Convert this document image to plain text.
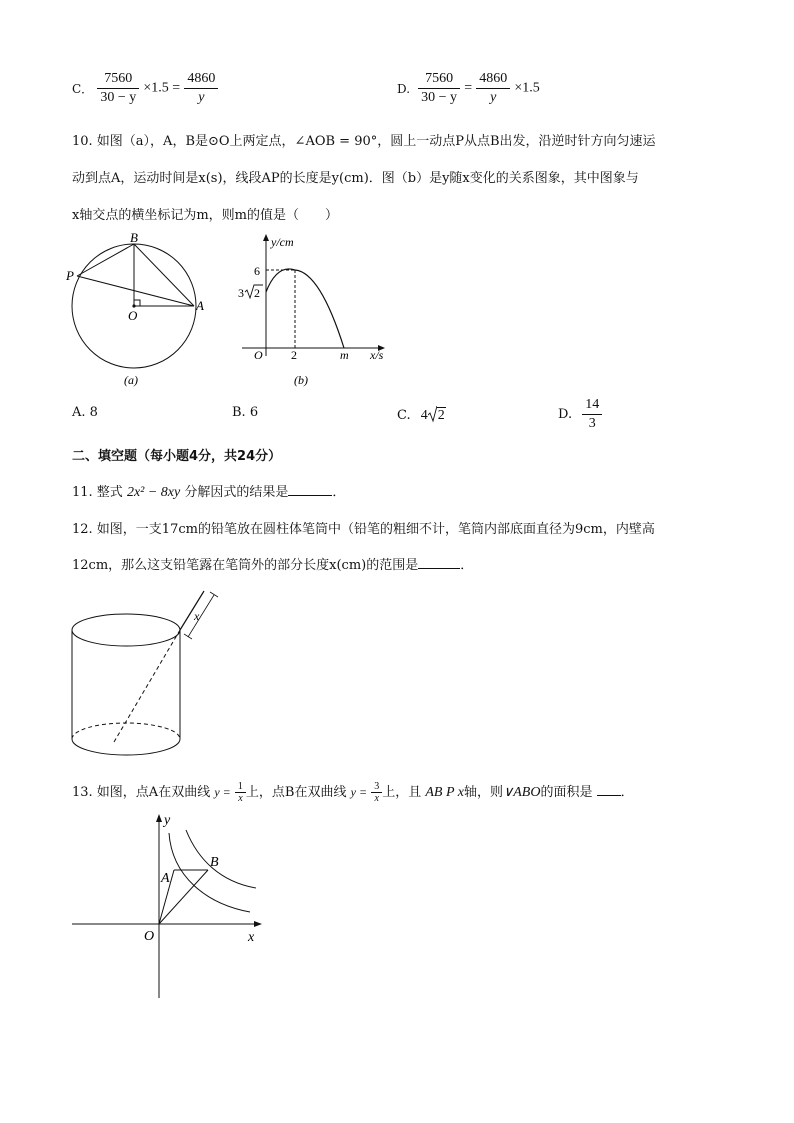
C． $\frac{7560}{30 - y} \times 1.5 = \frac{4860}{y}$	D. $\frac{7560}{30 - y} = \frac{4860}{y} \times 1.5$
10. 如图（a），A，B是⊙O上两定点，∠AOB = 90°，圆上一动点P从点B出发，沿逆时针方向匀速运
动到点A，运动时间是x(s)，线段AP的长度是y(cm)．图（b）是y随x变化的关系图象，其中图象与
x轴交点的横坐标记为m，则m的值是（　　）
B
P
O
A
(a)
y/cm
6
3 2
O 2	m x/s
(b)
A. 8	B. 6	C. 4 2	D. $\frac{14}{3}$
二、填空题（每小题4分，共24分）
11. 整式 2x² − 8xy 分解因式的结果是	．
12. 如图，一支17cm的铅笔放在圆柱体笔筒中（铅笔的粗细不计，笔筒内部底面直径为9cm，内壁高
12cm，那么这支铅笔露在笔筒外的部分长度x(cm)的范围是	．
x
13. 如图，点A在双曲线 $y = \frac{1}{x}$ 上，点B在双曲线 $y = \frac{3}{x}$ 上，且 AB P x轴，则∨ABO的面积是 ．
y
x
O
A
B
